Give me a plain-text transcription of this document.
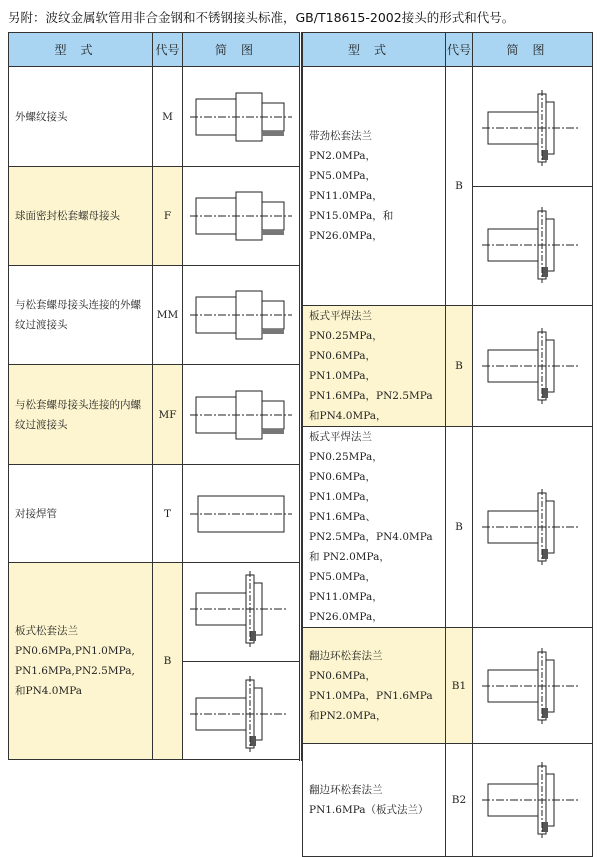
另附：波纹金属软管用非合金钢和不锈钢接头标准，GB/T18615-2002接头的形式和代号。
型式	代号	简图
外螺纹接头	M	

球面密封松套螺母接头	F	

与松套螺母接头连接的外螺纹过渡接头	MM	

与松套螺母接头连接的内螺纹过渡接头	MF	

对接焊管	T	

板式松套法兰 PN0.6MPa,PN1.0MPa, PN1.6MPa,PN2.5MPa, 和PN4.0MPa	B	
型式	代号	简图
带劲松套法兰 PN2.0MPa，PN5.0MPa，PN11.0MPa，PN15.0MPa，和PN26.0MPa，	B	

板式平焊法兰 PN0.25MPa，PN0.6MPa，PN1.0MPa，PN1.6MPa，PN2.5MPa和PN4.0MPa，	B	

板式平焊法兰 PN0.25MPa，PN0.6MPa，PN1.0MPa，PN1.6MPa、PN2.5MPa，PN4.0MPa和 PN2.0MPa，PN5.0MPa，PN11.0MPa，PN26.0MPa，	B	

翻边环松套法兰 PN0.6MPa，PN1.0MPa，PN1.6MPa和PN2.0MPa，	B1	

翻边环松套法兰 PN1.6MPa（板式法兰）	B2	
